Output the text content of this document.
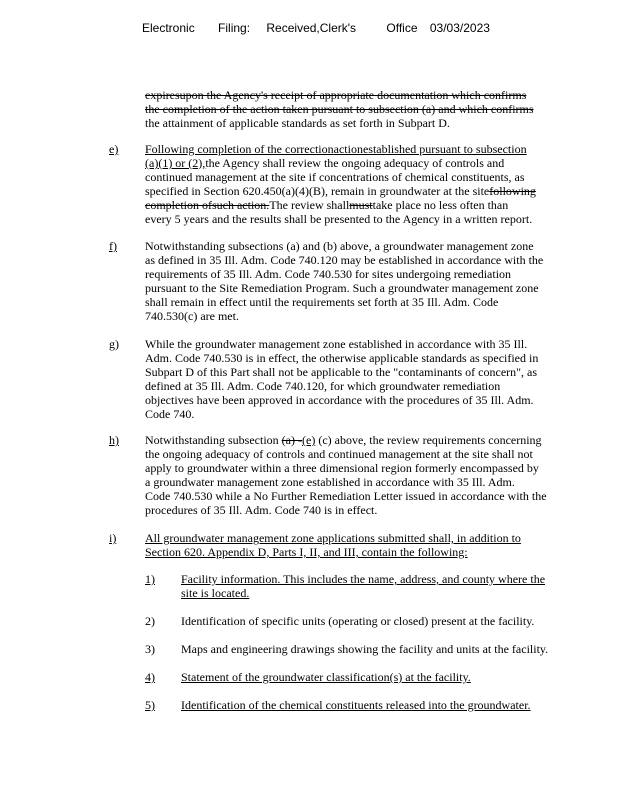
Electronic Filing: Received,Clerk's	Office 03/03/2023
expiresupon the Agency's receipt of appropriate documentation which confirms
the completion of the action taken pursuant to subsection (a) and which confirms
the attainment of applicable standards as set forth in Subpart D.
e) Following completion of the correctionactionestablished pursuant to subsection
(a)(1) or (2),the Agency shall review the ongoing adequacy of controls and
continued management at the site if concentrations of chemical constituents, as
specified in Section 620.450(a)(4)(B), remain in groundwater at the sitefollowing
completion ofsuch action.The review shallmusttake place no less often than
every 5 years and the results shall be presented to the Agency in a written report.
f) Notwithstanding subsections (a) and (b) above, a groundwater management zone
as defined in 35 Ill. Adm. Code 740.120 may be established in accordance with the
requirements of 35 Ill. Adm. Code 740.530 for sites undergoing remediation
pursuant to the Site Remediation Program. Such a groundwater management zone
shall remain in effect until the requirements set forth at 35 Ill. Adm. Code
740.530(c) are met.
g) While the groundwater management zone established in accordance with 35 Ill.
Adm. Code 740.530 is in effect, the otherwise applicable standards as specified in
Subpart D of this Part shall not be applicable to the "contaminants of concern", as
defined at 35 Ill. Adm. Code 740.120, for which groundwater remediation
objectives have been approved in accordance with the procedures of 35 Ill. Adm.
Code 740.
h) Notwithstanding subsection (a) -(e) (c) above, the review requirements concerning
the ongoing adequacy of controls and continued management at the site shall not
apply to groundwater within a three dimensional region formerly encompassed by
a groundwater management zone established in accordance with 35 Ill. Adm.
Code 740.530 while a No Further Remediation Letter issued in accordance with the
procedures of 35 Ill. Adm. Code 740 is in effect.
i) All groundwater management zone applications submitted shall, in addition to
Section 620. Appendix D, Parts I, II, and III, contain the following:
1) Facility information. This includes the name, address, and county where the
site is located.
2) Identification of specific units (operating or closed) present at the facility.
3) Maps and engineering drawings showing the facility and units at the facility.
4) Statement of the groundwater classification(s) at the facility.
5) Identification of the chemical constituents released into the groundwater.
